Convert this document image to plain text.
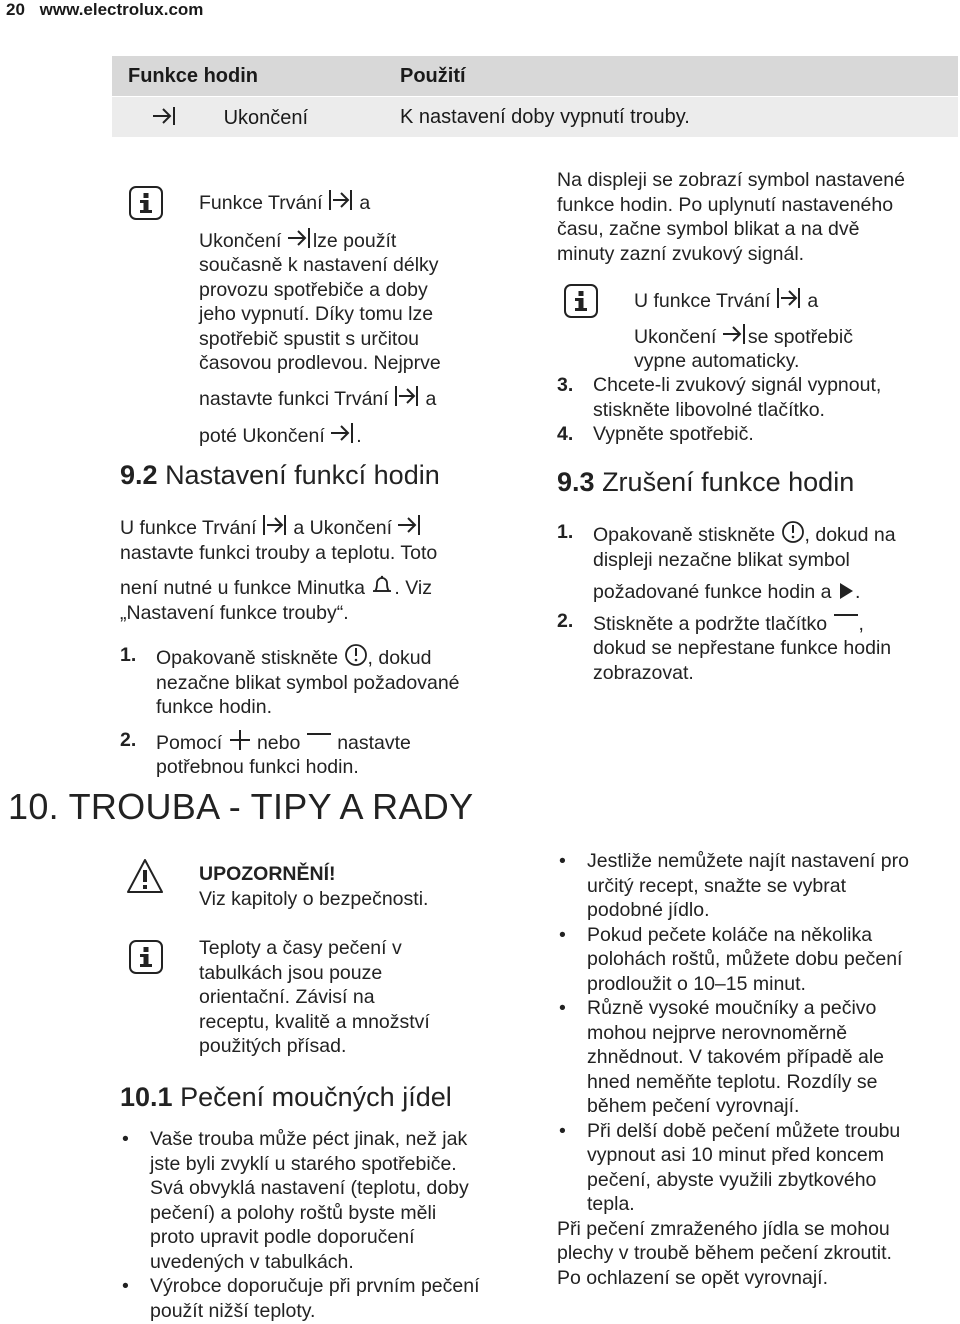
20 www.electrolux.com
Funkce hodin	Použití
Ukončení	K nastavení doby vypnutí trouby.

Funkce Trvání a

Ukončení lze použít

současně k nastavení délky

provozu spotřebiče a doby

jeho vypnutí. Díky tomu lze

spotřebič spustit s určitou

časovou prodlevou. Nejprve

nastavte funkci Trvání a

poté Ukončení .

9.2 Nastavení funkcí hodin

U funkce Trvání a Ukončení

nastavte funkci trouby a teplotu. Toto

není nutné u funkce Minutka . Viz

„Nastavení funkce trouby“.

1. Opakovaně stiskněte , dokud

nezačne blikat symbol požadované

funkce hodin.

2. Pomocí nebo nastavte

potřebnou funkci hodin.

10. TROUBA - TIPY A RADY

UPOZORNĚNÍ!

Viz kapitoly o bezpečnosti.

Teploty a časy pečení v

tabulkách jsou pouze

orientační. Závisí na

receptu, kvalitě a množství

použitých přísad.

10.1 Pečení moučných jídel

• Vaše trouba může péct jinak, než jak

jste byli zvyklí u starého spotřebiče.

Svá obvyklá nastavení (teplotu, doby

pečení) a polohy roštů byste měli

proto upravit podle doporučení

uvedených v tabulkách.

• Výrobce doporučuje při prvním pečení

použít nižší teploty.

Na displeji se zobrazí symbol nastavené

funkce hodin. Po uplynutí nastaveného

času, začne symbol blikat a na dvě

minuty zazní zvukový signál.

U funkce Trvání a

Ukončení se spotřebič

vypne automaticky.

3. Chcete-li zvukový signál vypnout,

stiskněte libovolné tlačítko.

4. Vypněte spotřebič.

9.3 Zrušení funkce hodin
1. Opakovaně stiskněte , dokud na

displeji nezačne blikat symbol

požadované funkce hodin a .

2. Stiskněte a podržte tlačítko ,

dokud se nepřestane funkce hodin

zobrazovat.

• Jestliže nemůžete najít nastavení pro

určitý recept, snažte se vybrat

podobné jídlo.

• Pokud pečete koláče na několika

polohách roštů, můžete dobu pečení

prodloužit o 10–15 minut.

• Různě vysoké moučníky a pečivo

mohou nejprve nerovnoměrně

zhnědnout. V takovém případě ale

hned neměňte teplotu. Rozdíly se

během pečení vyrovnají.

• Při delší době pečení můžete troubu

vypnout asi 10 minut před koncem

pečení, abyste využili zbytkového

tepla.

Při pečení zmraženého jídla se mohou

plechy v troubě během pečení zkroutit.

Po ochlazení se opět vyrovnají.
